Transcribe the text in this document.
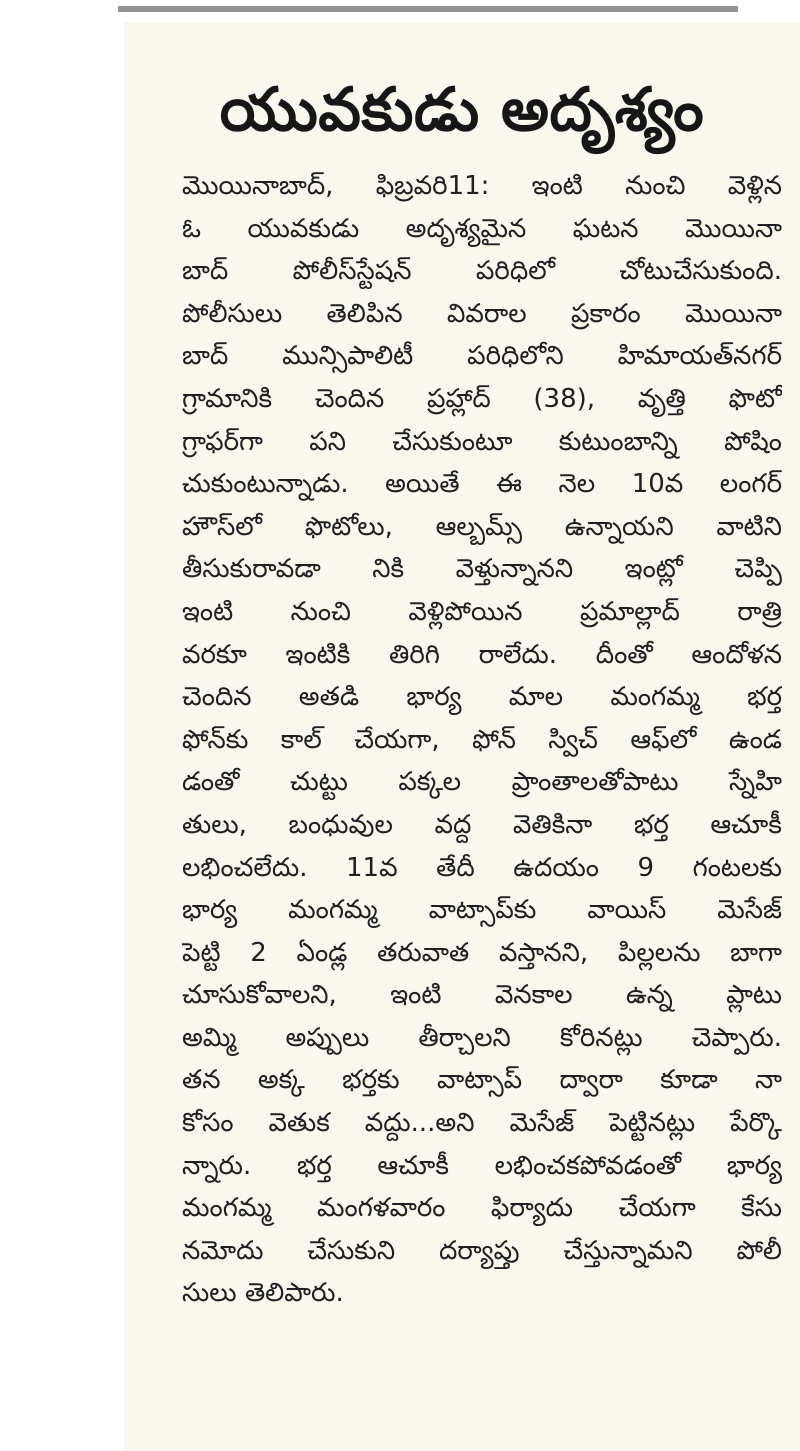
యువకుడు అదృశ్యం
మొయినాబాద్, ఫిబ్రవరి11: ఇంటి నుంచి వెళ్లిన
ఓ యువకుడు అదృశ్యమైన ఘటన మొయినా
బాద్ పోలీస్‌స్టేషన్ పరిధిలో చోటుచేసుకుంది.
పోలీసులు తెలిపిన వివరాల ప్రకారం మొయినా
బాద్ మున్సిపాలిటీ పరిధిలోని హిమాయత్‌నగర్
గ్రామానికి చెందిన ప్రహ్లాద్ (38), వృత్తి ఫొటో
గ్రాఫర్‌గా పని చేసుకుంటూ కుటుంబాన్ని పోషిం
చుకుంటున్నాడు. అయితే ఈ నెల 10వ లంగర్
హౌస్‌లో ఫొటోలు, ఆల్బమ్స్ ఉన్నాయని వాటిని
తీసుకురావడా నికి వెళ్తున్నానని ఇంట్లో చెప్పి
ఇంటి నుంచి వెళ్లిపోయిన ప్రమాల్లాద్ రాత్రి
వరకూ ఇంటికి తిరిగి రాలేదు. దీంతో ఆందోళన
చెందిన అతడి భార్య మాల మంగమ్మ భర్త
ఫోన్‌కు కాల్ చేయగా, ఫోన్ స్విచ్ ఆఫ్‌లో ఉండ
డంతో చుట్టు పక్కల ప్రాంతాలతోపాటు స్నేహి
తులు, బంధువుల వద్ద వెతికినా భర్త ఆచూకీ
లభించలేదు. 11వ తేదీ ఉదయం 9 గంటలకు
భార్య మంగమ్మ వాట్సాప్‌కు వాయిస్ మెసేజ్
పెట్టి 2 ఏండ్ల తరువాత వస్తానని, పిల్లలను బాగా
చూసుకోవాలని, ఇంటి వెనకాల ఉన్న ప్లాటు
అమ్మి అప్పులు తీర్చాలని కోరినట్లు చెప్పారు.
తన అక్క భర్తకు వాట్సాప్ ద్వారా కూడా నా
కోసం వెతుక వద్దు...అని మెసేజ్ పెట్టినట్లు పేర్కొ
న్నారు. భర్త ఆచూకీ లభించకపోవడంతో భార్య
మంగమ్మ మంగళవారం ఫిర్యాదు చేయగా కేసు
నమోదు చేసుకుని దర్యాప్తు చేస్తున్నామని పోలీ
సులు తెలిపారు.
